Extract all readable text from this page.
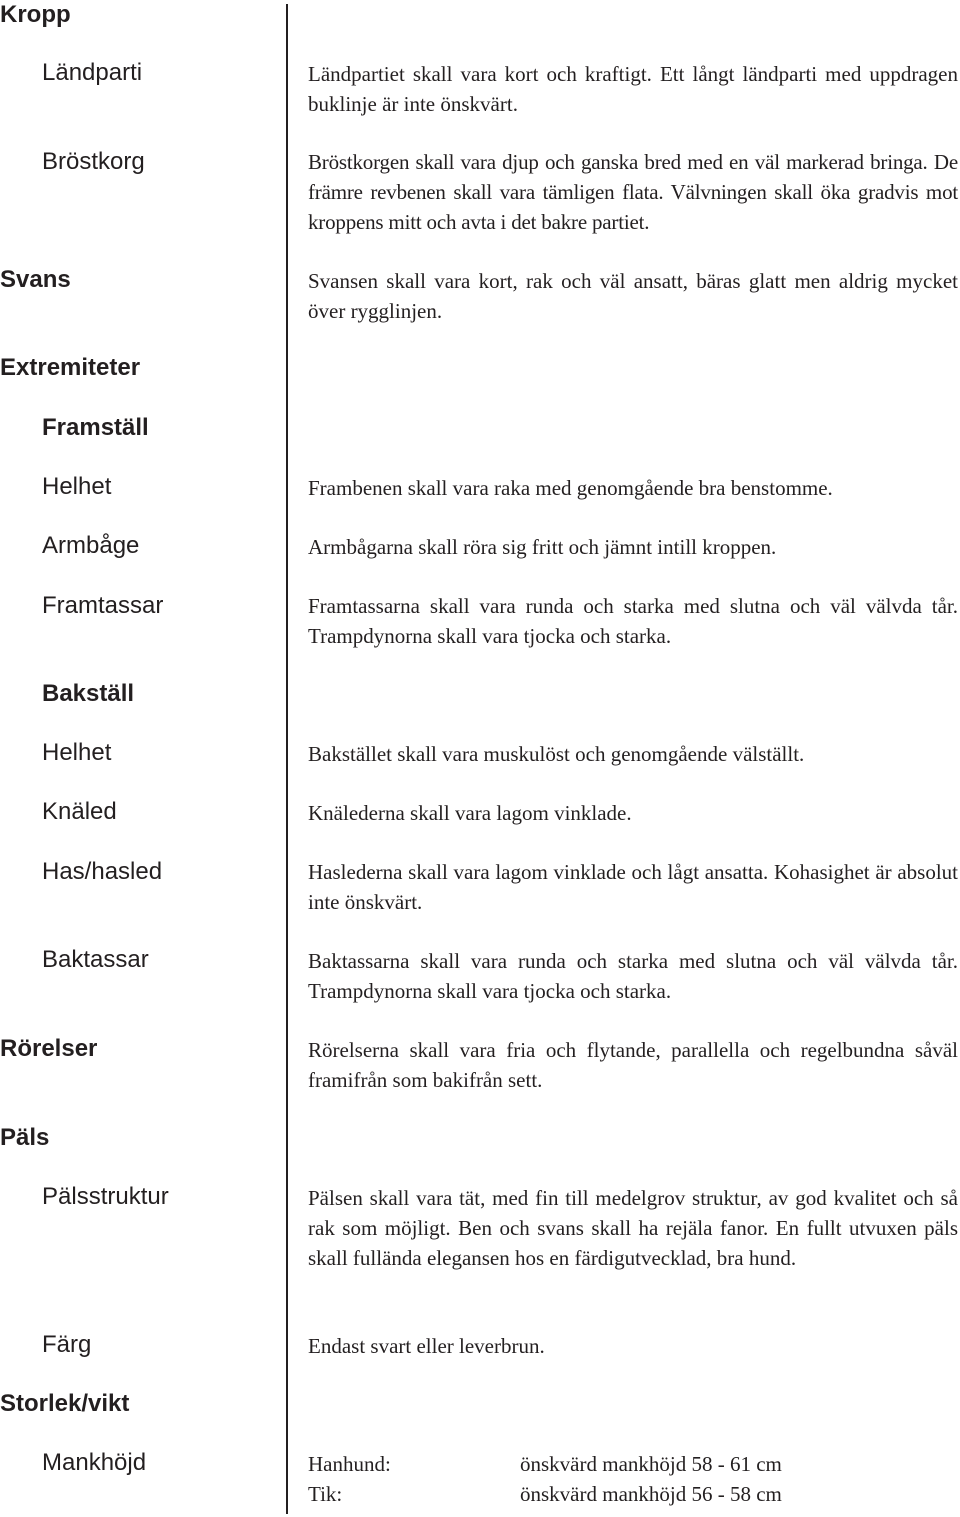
Kropp
Ländparti
Bröstkorg
Svans
Extremiteter
Framställ
Helhet
Armbåge
Framtassar
Bakställ
Helhet
Knäled
Has/hasled
Baktassar
Rörelser
Päls
Pälsstruktur
Färg
Storlek/vikt
Mankhöjd
Ländpartiet skall vara kort och kraftigt. Ett långt ländparti med uppdragen buklinje är inte önskvärt.
Bröstkorgen skall vara djup och ganska bred med en väl markerad bringa. De främre revbenen skall vara tämligen flata. Välvningen skall öka gradvis mot kroppens mitt och avta i det bakre partiet.
Svansen skall vara kort, rak och väl ansatt, bäras glatt men aldrig mycket över rygglinjen.
Frambenen skall vara raka med genomgående bra benstomme.
Armbågarna skall röra sig fritt och jämnt intill kroppen.
Framtassarna skall vara runda och starka med slutna och väl välvda tår. Trampdynorna skall vara tjocka och starka.
Bakstället skall vara muskulöst och genomgående välställt.
Knälederna skall vara lagom vinklade.
Haslederna skall vara lagom vinklade och lågt ansatta. Kohasighet är absolut inte önskvärt.
Baktassarna skall vara runda och starka med slutna och väl välvda tår. Trampdynorna skall vara tjocka och starka.
Rörelserna skall vara fria och flytande, parallella och regelbundna såväl framifrån som bakifrån sett.
Pälsen skall vara tät, med fin till medelgrov struktur, av god kvalitet och så rak som möjligt. Ben och svans skall ha rejäla fanor. En fullt utvuxen päls skall fullända elegansen hos en färdigutvecklad, bra hund.
Endast svart eller leverbrun.
Hanhund:	önskvärd mankhöjd 58 - 61 cm
Tik:	önskvärd mankhöjd 56 - 58 cm
